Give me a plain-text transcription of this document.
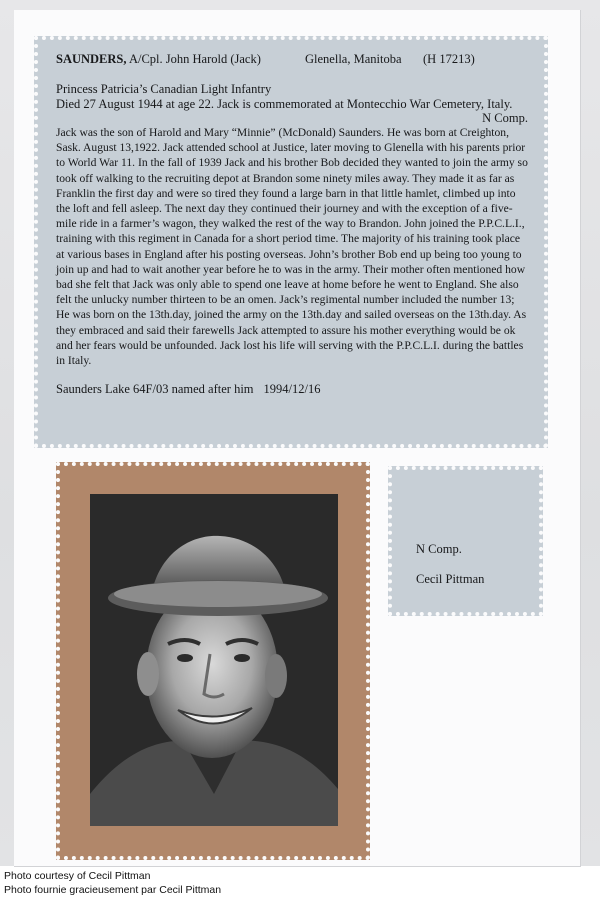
SAUNDERS, A/Cpl. John Harold (Jack)	Glenella, Manitoba (H 17213)
Princess Patricia’s Canadian Light Infantry
Died 27 August 1944 at age 22. Jack is commemorated at Montecchio War Cemetery, Italy.
N Comp.

Jack was the son of Harold and Mary “Minnie” (McDonald) Saunders. He was born at Creighton, Sask. August 13,1922. Jack attended school at Justice, later moving to Glenella with his parents prior to World War 11. In the fall of 1939 Jack and his brother Bob decided they wanted to join the army so took off walking to the recruiting depot at Brandon some ninety miles away. They made it as far as Franklin the first day and were so tired they found a large barn in that little hamlet, climbed up into the loft and fell asleep. The next day they continued their journey and with the exception of a five- mile ride in a farmer’s wagon, they walked the rest of the way to Brandon. John joined the P.P.C.L.I., training with this regiment in Canada for a short period time. The majority of his training took place at various bases in England after his posting overseas. John’s brother Bob end up being too young to join up and had to wait another year before he to was in the army. Their mother often mentioned how bad she felt that Jack was only able to spend one leave at home before he went to England. She also felt the unlucky number thirteen to be an omen. Jack’s regimental number included the number 13; He was born on the 13th.day, joined the army on the 13th.day and sailed overseas on the 13th.day. As they embraced and said their farewells Jack attempted to assure his mother everything would be ok and her fears would be unfounded. Jack lost his life will serving with the P.P.C.L.I. during the battles in Italy.

Saunders Lake 64F/03 named after him 1994/12/16
N Comp.
Cecil Pittman
Photo courtesy of Cecil Pittman
Photo fournie gracieusement par Cecil Pittman
